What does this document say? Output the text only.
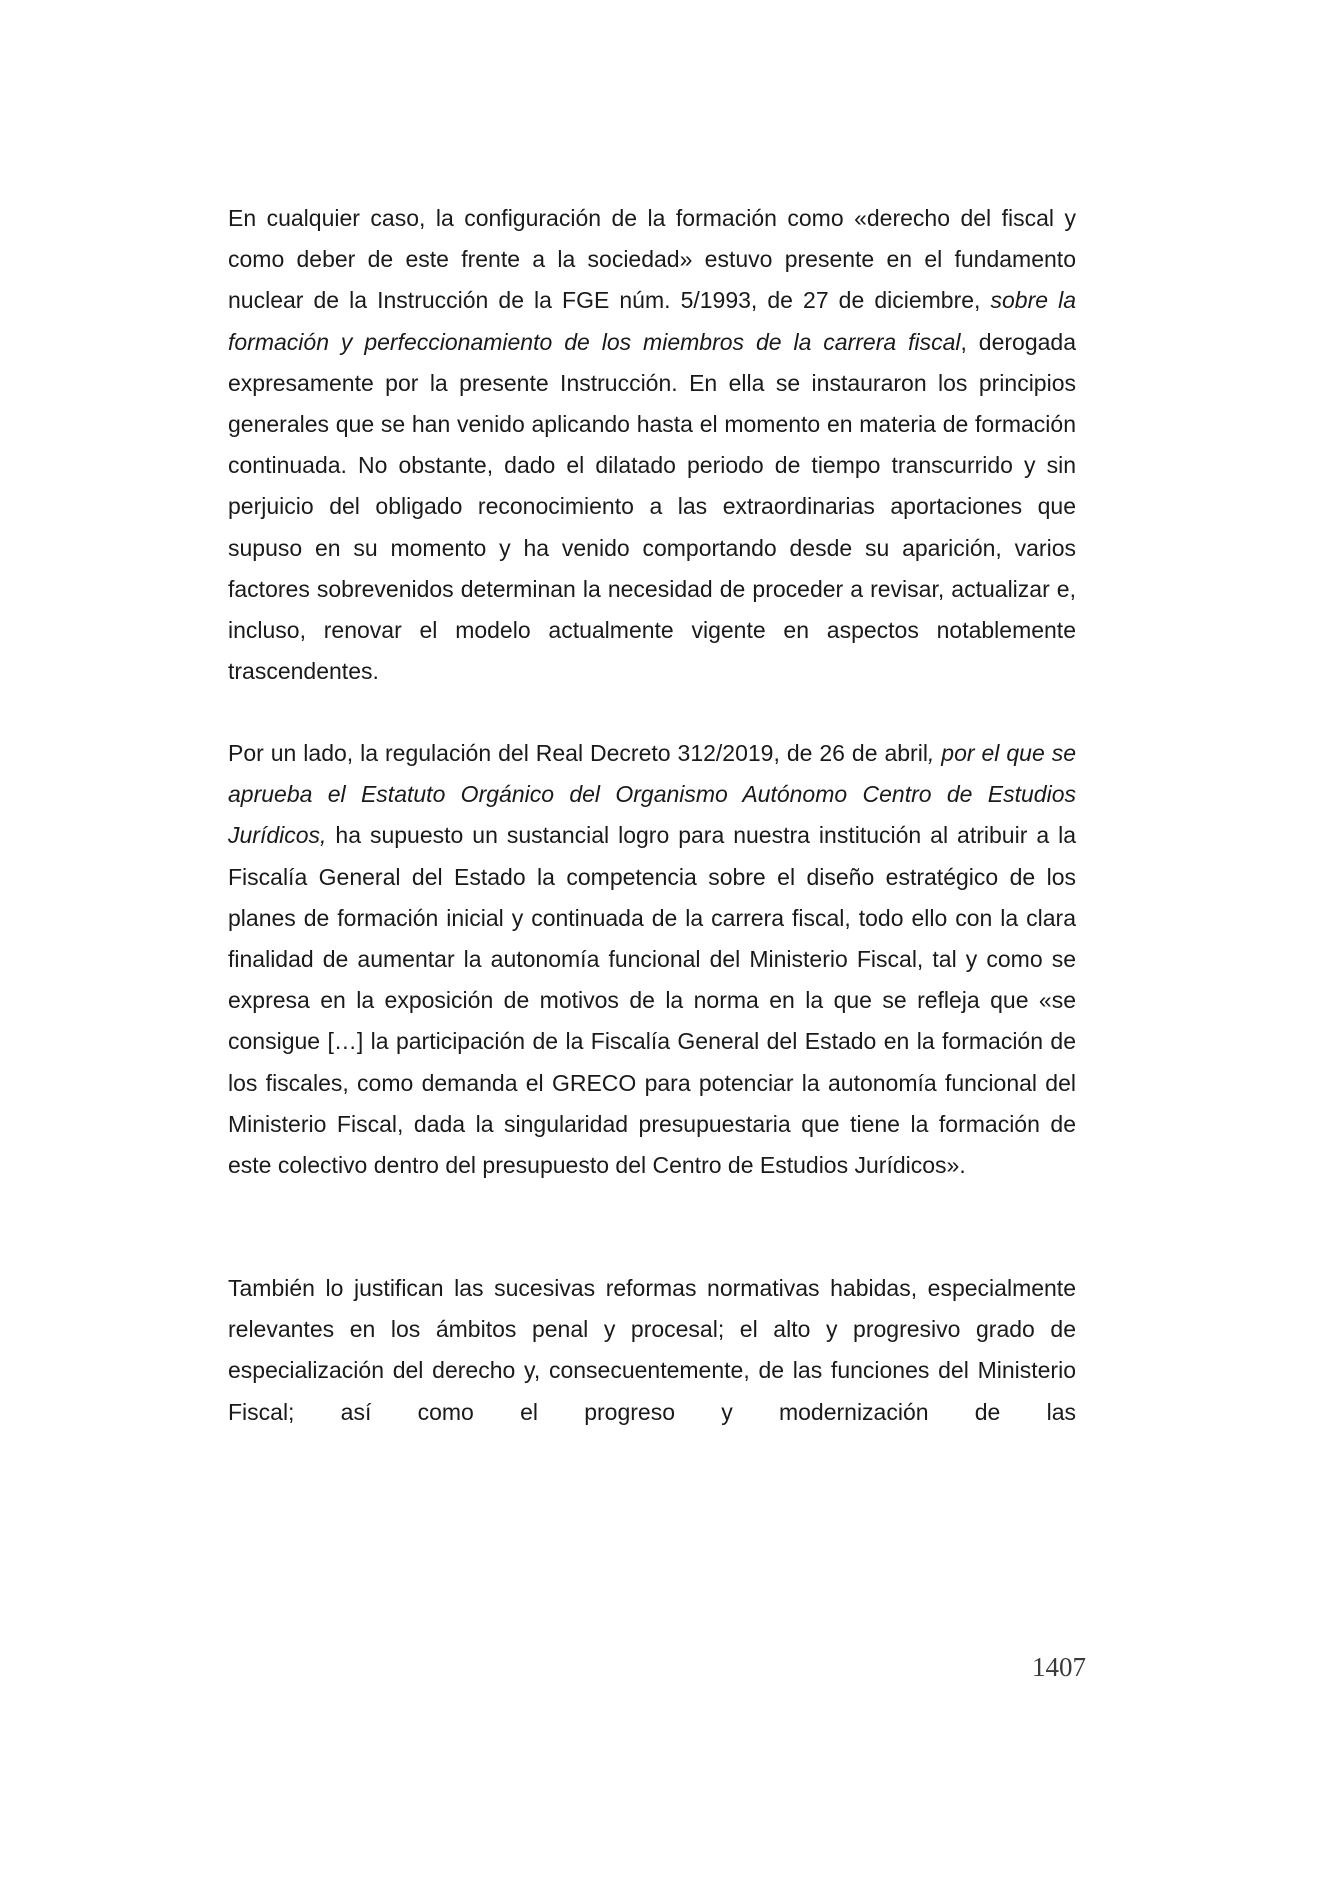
En cualquier caso, la configuración de la formación como «derecho del fiscal y como deber de este frente a la sociedad» estuvo presente en el fundamento nuclear de la Instrucción de la FGE núm. 5/1993, de 27 de diciembre, sobre la formación y perfeccionamiento de los miembros de la carrera fiscal, derogada expresamente por la presente Instrucción. En ella se instauraron los principios generales que se han venido aplicando hasta el momento en materia de formación continuada. No obstante, dado el dilatado periodo de tiempo transcurrido y sin perjuicio del obligado reconocimiento a las extraordinarias aportaciones que supuso en su momento y ha venido comportando desde su aparición, varios factores sobrevenidos determinan la necesidad de proceder a revisar, actualizar e, incluso, renovar el modelo actualmente vigente en aspectos notablemente trascendentes.

Por un lado, la regulación del Real Decreto 312/2019, de 26 de abril, por el que se aprueba el Estatuto Orgánico del Organismo Autónomo Centro de Estudios Jurídicos, ha supuesto un sustancial logro para nuestra institución al atribuir a la Fiscalía General del Estado la competencia sobre el diseño estratégico de los planes de formación inicial y continuada de la carrera fiscal, todo ello con la clara finalidad de aumentar la autonomía funcional del Ministerio Fiscal, tal y como se expresa en la exposición de motivos de la norma en la que se refleja que «se consigue […] la participación de la Fiscalía General del Estado en la formación de los fiscales, como demanda el GRECO para potenciar la autonomía funcional del Ministerio Fiscal, dada la singularidad presupuestaria que tiene la formación de este colectivo dentro del presupuesto del Centro de Estudios Jurídicos».

También lo justifican las sucesivas reformas normativas habidas, especialmente relevantes en los ámbitos penal y procesal; el alto y progresivo grado de especialización del derecho y, consecuentemente, de las funciones del Ministerio Fiscal; así como el progreso y modernización de las

1407
